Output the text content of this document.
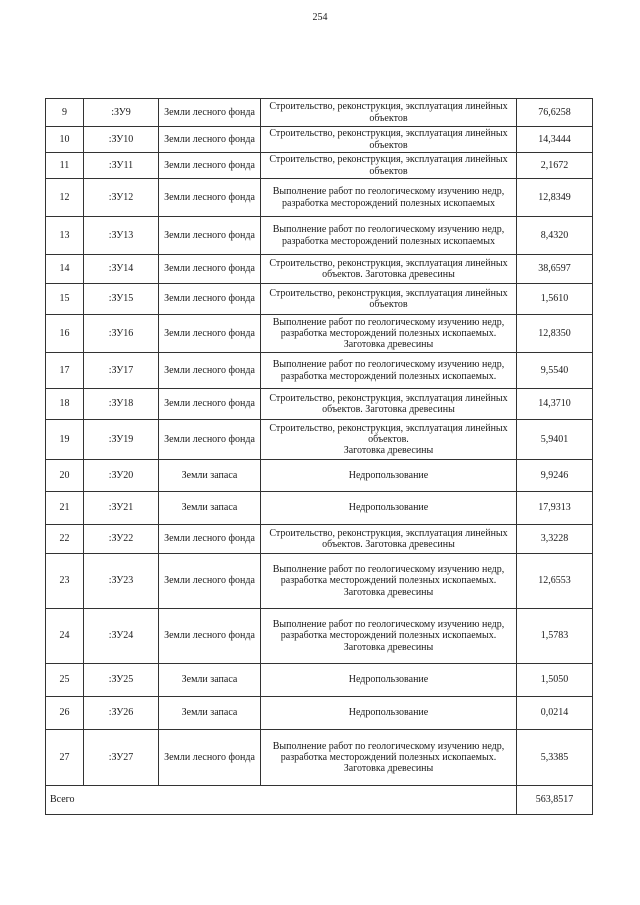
254
9	:ЗУ9	Земли лесного фонда	Строительство, реконструкция, эксплуатация линейных объектов	76,6258
10	:ЗУ10	Земли лесного фонда	Строительство, реконструкция, эксплуатация линейных объектов	14,3444
11	:ЗУ11	Земли лесного фонда	Строительство, реконструкция, эксплуатация линейных объектов	2,1672
12	:ЗУ12	Земли лесного фонда	Выполнение работ по геологическому изучению недр, разработка месторождений полезных ископаемых	12,8349
13	:ЗУ13	Земли лесного фонда	Выполнение работ по геологическому изучению недр, разработка месторождений полезных ископаемых	8,4320
14	:ЗУ14	Земли лесного фонда	Строительство, реконструкция, эксплуатация линейных объектов. Заготовка древесины	38,6597
15	:ЗУ15	Земли лесного фонда	Строительство, реконструкция, эксплуатация линейных объектов	1,5610
16	:ЗУ16	Земли лесного фонда	Выполнение работ по геологическому изучению недр, разработка месторождений полезных ископаемых. Заготовка древесины	12,8350
17	:ЗУ17	Земли лесного фонда	Выполнение работ по геологическому изучению недр, разработка месторождений полезных ископаемых.	9,5540
18	:ЗУ18	Земли лесного фонда	Строительство, реконструкция, эксплуатация линейных объектов. Заготовка древесины	14,3710
19	:ЗУ19	Земли лесного фонда	Строительство, реконструкция, эксплуатация линейных объектов.
Заготовка древесины	5,9401
20	:ЗУ20	Земли запаса	Недропользование	9,9246
21	:ЗУ21	Земли запаса	Недропользование	17,9313
22	:ЗУ22	Земли лесного фонда	Строительство, реконструкция, эксплуатация линейных объектов. Заготовка древесины	3,3228
23	:ЗУ23	Земли лесного фонда	Выполнение работ по геологическому изучению недр, разработка месторождений полезных ископаемых.
Заготовка древесины	12,6553
24	:ЗУ24	Земли лесного фонда	Выполнение работ по геологическому изучению недр, разработка месторождений полезных ископаемых.
Заготовка древесины	1,5783
25	:ЗУ25	Земли запаса	Недропользование	1,5050
26	:ЗУ26	Земли запаса	Недропользование	0,0214
27	:ЗУ27	Земли лесного фонда	Выполнение работ по геологическому изучению недр, разработка месторождений полезных ископаемых.
Заготовка древесины	5,3385
Всего				563,8517
